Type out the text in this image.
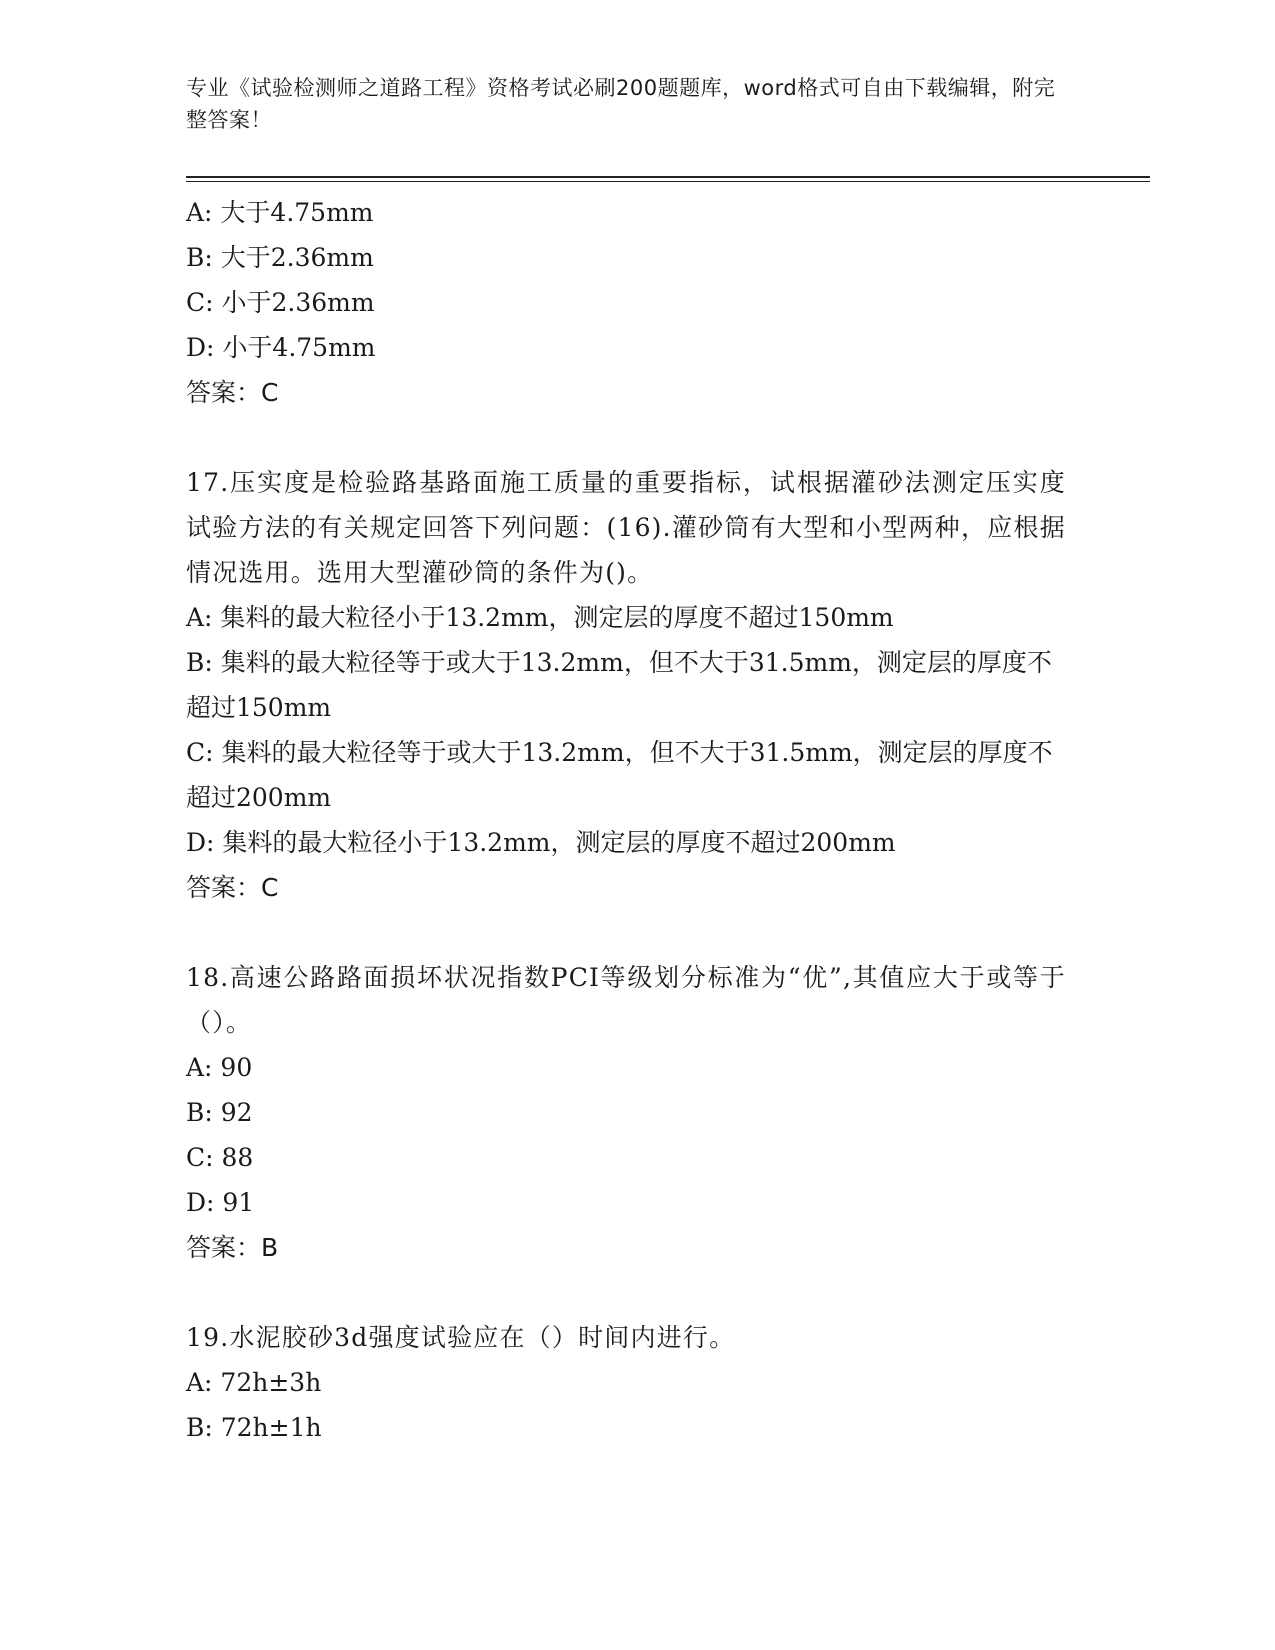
专业《试验检测师之道路工程》资格考试必刷200题题库，word格式可自由下载编辑，附完整答案！
A: 大于4.75mm
B: 大于2.36mm
C: 小于2.36mm
D: 小于4.75mm
答案：C
17.压实度是检验路基路面施工质量的重要指标，试根据灌砂法测定压实度试验方法的有关规定回答下列问题：(16).灌砂筒有大型和小型两种，应根据情况选用。选用大型灌砂筒的条件为()。
A: 集料的最大粒径小于13.2mm，测定层的厚度不超过150mm
B: 集料的最大粒径等于或大于13.2mm，但不大于31.5mm，测定层的厚度不超过150mm
C: 集料的最大粒径等于或大于13.2mm，但不大于31.5mm，测定层的厚度不超过200mm
D: 集料的最大粒径小于13.2mm，测定层的厚度不超过200mm
答案：C
18.高速公路路面损坏状况指数PCI等级划分标准为“优”,其值应大于或等于（）。
A: 90
B: 92
C: 88
D: 91
答案：B
19.水泥胶砂3d强度试验应在（）时间内进行。
A: 72h±3h
B: 72h±1h
